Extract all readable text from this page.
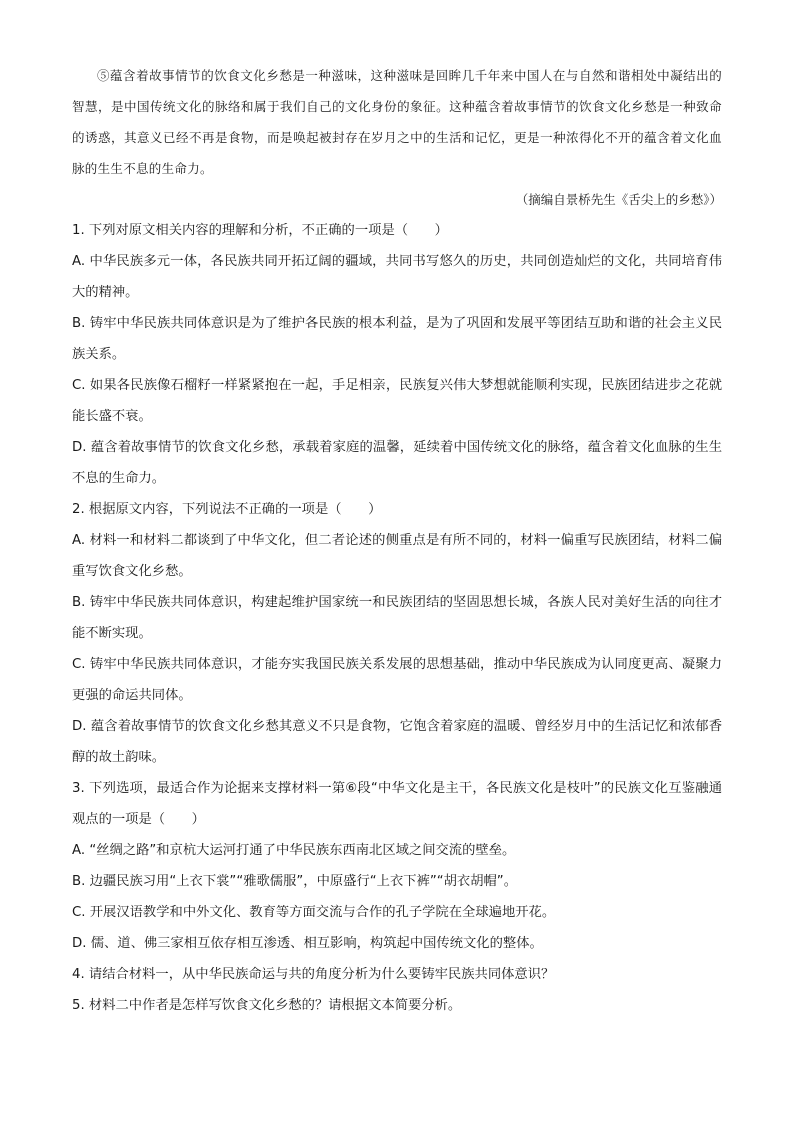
⑤蕴含着故事情节的饮食文化乡愁是一种滋味，这种滋味是回眸几千年来中国人在与自然和谐相处中凝结出的智慧，是中国传统文化的脉络和属于我们自己的文化身份的象征。这种蕴含着故事情节的饮食文化乡愁是一种致命的诱惑，其意义已经不再是食物，而是唤起被封存在岁月之中的生活和记忆，更是一种浓得化不开的蕴含着文化血脉的生生不息的生命力。

（摘编自景桥先生《舌尖上的乡愁》）

1. 下列对原文相关内容的理解和分析，不正确的一项是（　　）

A. 中华民族多元一体，各民族共同开拓辽阔的疆域，共同书写悠久的历史，共同创造灿烂的文化，共同培育伟大的精神。

B. 铸牢中华民族共同体意识是为了维护各民族的根本利益，是为了巩固和发展平等团结互助和谐的社会主义民族关系。

C. 如果各民族像石榴籽一样紧紧抱在一起，手足相亲，民族复兴伟大梦想就能顺利实现，民族团结进步之花就能长盛不衰。

D. 蕴含着故事情节的饮食文化乡愁，承载着家庭的温馨，延续着中国传统文化的脉络，蕴含着文化血脉的生生不息的生命力。

2. 根据原文内容，下列说法不正确的一项是（　　）

A. 材料一和材料二都谈到了中华文化，但二者论述的侧重点是有所不同的，材料一偏重写民族团结，材料二偏重写饮食文化乡愁。

B. 铸牢中华民族共同体意识，构建起维护国家统一和民族团结的坚固思想长城，各族人民对美好生活的向往才能不断实现。

C. 铸牢中华民族共同体意识，才能夯实我国民族关系发展的思想基础，推动中华民族成为认同度更高、凝聚力更强的命运共同体。

D. 蕴含着故事情节的饮食文化乡愁其意义不只是食物，它饱含着家庭的温暖、曾经岁月中的生活记忆和浓郁香醇的故土韵味。

3. 下列选项，最适合作为论据来支撑材料一第⑥段“中华文化是主干，各民族文化是枝叶”的民族文化互鉴融通观点的一项是（　　）

A. “丝绸之路”和京杭大运河打通了中华民族东西南北区域之间交流的壁垒。

B. 边疆民族习用“上衣下裳”“雅歌儒服”，中原盛行“上衣下裤”“胡衣胡帽”。

C. 开展汉语教学和中外文化、教育等方面交流与合作的孔子学院在全球遍地开花。

D. 儒、道、佛三家相互依存相互渗透、相互影响，构筑起中国传统文化的整体。

4. 请结合材料一，从中华民族命运与共的角度分析为什么要铸牢民族共同体意识？

5. 材料二中作者是怎样写饮食文化乡愁的？请根据文本简要分析。
